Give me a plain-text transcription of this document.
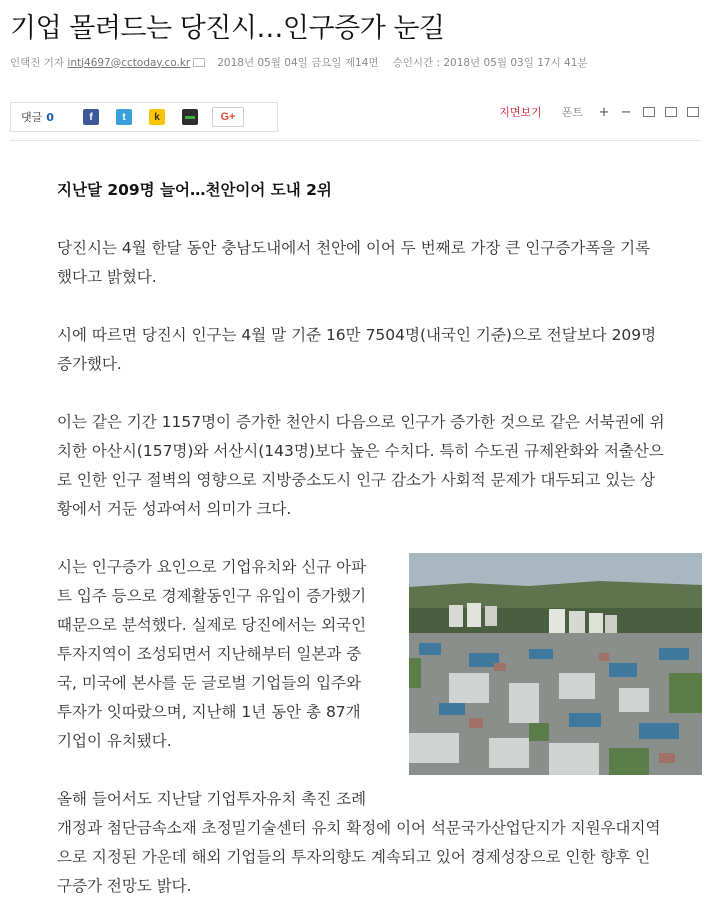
기업 몰려드는 당진시…인구증가 눈길
인택진 기자
intj4697@cctoday.co.kr	2018년 05월 04일 금요일 제14면 승인시간 : 2018년 05월 03일 17시 41분
댓글 0	f	t	k	G+	지면보기 폰트 + −

지난달 209명 늘어…천안이어 도내 2위

당진시는 4월 한달 동안 충남도내에서 천안에 이어 두 번째로 가장 큰 인구증가폭을 기록했다고 밝혔다.

시에 따르면 당진시 인구는 4월 말 기준 16만 7504명(내국인 기준)으로 전달보다 209명 증가했다.

이는 같은 기간 1157명이 증가한 천안시 다음으로 인구가 증가한 것으로 같은 서북권에 위치한 아산시(157명)와 서산시(143명)보다 높은 수치다. 특히 수도권 규제완화와 저출산으로 인한 인구 절벽의 영향으로 지방중소도시 인구 감소가 사회적 문제가 대두되고 있는 상황에서 거둔 성과여서 의미가 크다.

시는 인구증가 요인으로 기업유치와 신규 아파
트 입주 등으로 경제활동인구 유입이 증가했기
때문으로 분석했다. 실제로 당진에서는 외국인
투자지역이 조성되면서 지난해부터 일본과 중
국, 미국에 본사를 둔 글로벌 기업들의 입주와
투자가 잇따랐으며, 지난해 1년 동안 총 87개
기업이 유치됐다.
올해 들어서도 지난달 기업투자유치 촉진 조례
개정과 첨단금속소재 초정밀기술센터 유치 확정에 이어 석문국가산업단지가 지원우대지역으로 지정된 가운데 해외 기업들의 투자의향도 계속되고 있어 경제성장으로 인한 향후 인구증가 전망도 밝다.
